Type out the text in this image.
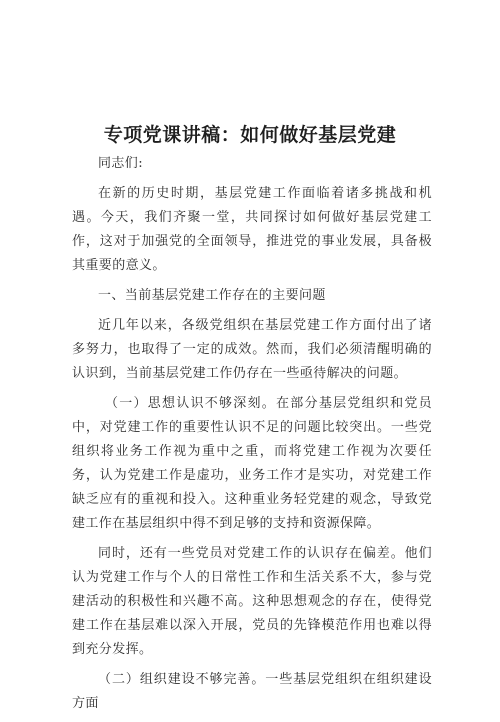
专项党课讲稿：如何做好基层党建

同志们:

在新的历史时期，基层党建工作面临着诸多挑战和机遇。今天，我们齐聚一堂，共同探讨如何做好基层党建工作，这对于加强党的全面领导，推进党的事业发展，具备极其重要的意义。

一、当前基层党建工作存在的主要问题

近几年以来，各级党组织在基层党建工作方面付出了诸多努力，也取得了一定的成效。然而，我们必须清醒明确的认识到，当前基层党建工作仍存在一些亟待解决的问题。

（一）思想认识不够深刻。在部分基层党组织和党员中，对党建工作的重要性认识不足的问题比较突出。一些党组织将业务工作视为重中之重，而将党建工作视为次要任务，认为党建工作是虚功，业务工作才是实功，对党建工作缺乏应有的重视和投入。这种重业务轻党建的观念，导致党建工作在基层组织中得不到足够的支持和资源保障。

同时，还有一些党员对党建工作的认识存在偏差。他们认为党建工作与个人的日常性工作和生活关系不大，参与党建活动的积极性和兴趣不高。这种思想观念的存在，使得党建工作在基层难以深入开展，党员的先锋模范作用也难以得到充分发挥。

（二）组织建设不够完善。一些基层党组织在组织建设方面
